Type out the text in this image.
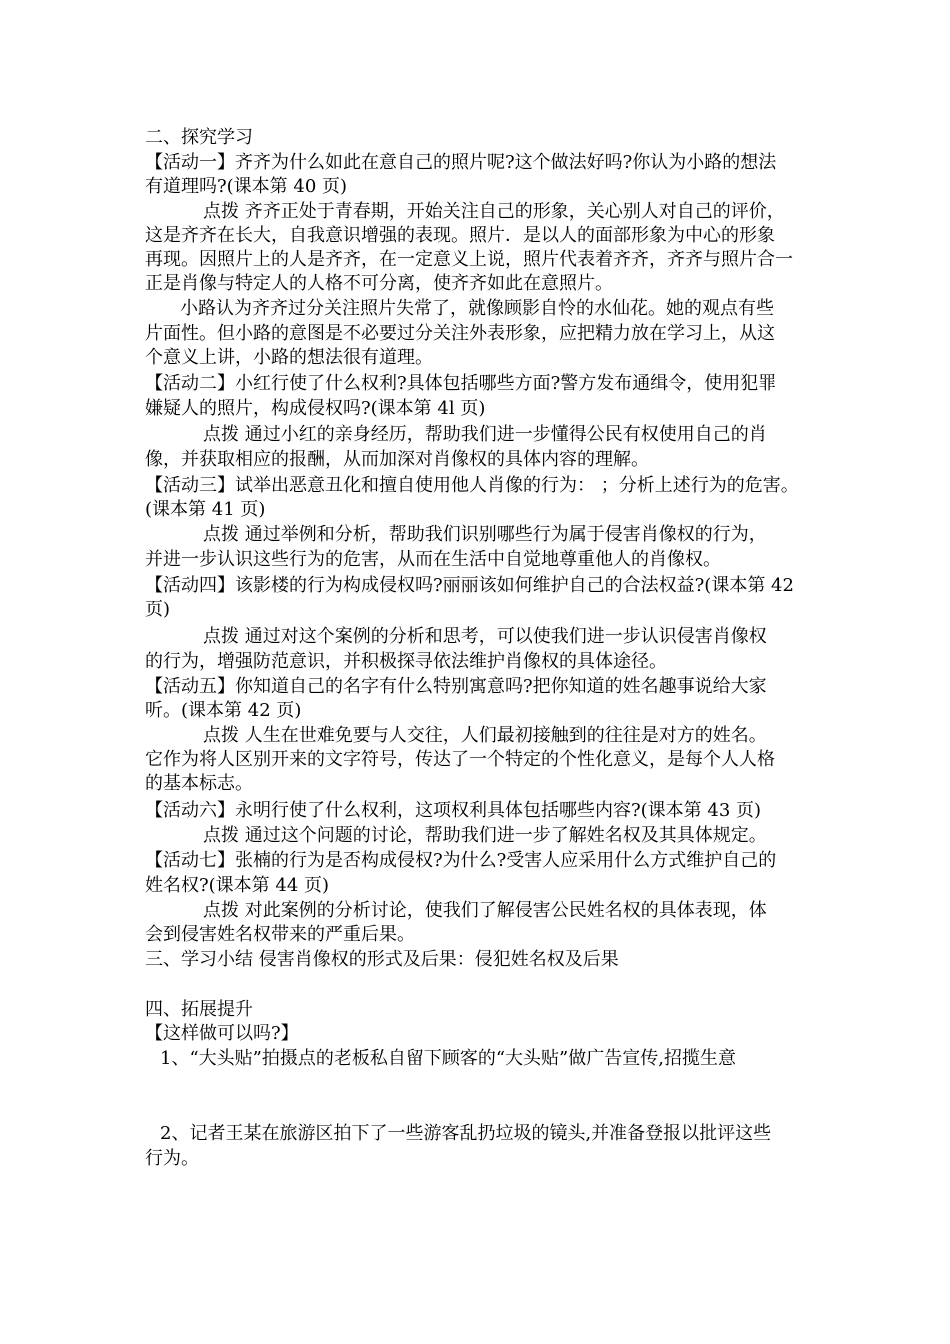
二、探究学习
【活动一】齐齐为什么如此在意自己的照片呢?这个做法好吗?你认为小路的想法
有道理吗?(课本第 40 页)
点拨 齐齐正处于青春期，开始关注自己的形象，关心别人对自己的评价，
这是齐齐在长大，自我意识增强的表现。照片．是以人的面部形象为中心的形象
再现。因照片上的人是齐齐，在一定意义上说，照片代表着齐齐，齐齐与照片合一
正是肖像与特定人的人格不可分离，使齐齐如此在意照片。
小路认为齐齐过分关注照片失常了，就像顾影自怜的水仙花。她的观点有些
片面性。但小路的意图是不必要过分关注外表形象，应把精力放在学习上，从这
个意义上讲，小路的想法很有道理。
【活动二】小红行使了什么权利?具体包括哪些方面?警方发布通缉令，使用犯罪
嫌疑人的照片，构成侵权吗?(课本第 4l 页)
点拨 通过小红的亲身经历，帮助我们进一步懂得公民有权使用自己的肖
像，并获取相应的报酬，从而加深对肖像权的具体内容的理解。
【活动三】试举出恶意丑化和擅自使用他人肖像的行为： ；分析上述行为的危害。
(课本第 41 页)
点拨 通过举例和分析，帮助我们识别哪些行为属于侵害肖像权的行为，
并进一步认识这些行为的危害，从而在生活中自觉地尊重他人的肖像权。
【活动四】该影楼的行为构成侵权吗?丽丽该如何维护自己的合法权益?(课本第 42
页)
点拨 通过对这个案例的分析和思考，可以使我们进一步认识侵害肖像权
的行为，增强防范意识，并积极探寻依法维护肖像权的具体途径。
【活动五】你知道自己的名字有什么特别寓意吗?把你知道的姓名趣事说给大家
听。(课本第 42 页)
点拨 人生在世难免要与人交往，人们最初接触到的往往是对方的姓名。
它作为将人区别开来的文字符号，传达了一个特定的个性化意义，是每个人人格
的基本标志。
【活动六】永明行使了什么权利，这项权利具体包括哪些内容?(课本第 43 页)
点拨 通过这个问题的讨论，帮助我们进一步了解姓名权及其具体规定。
【活动七】张楠的行为是否构成侵权?为什么?受害人应采用什么方式维护自己的
姓名权?(课本第 44 页)
点拨 对此案例的分析讨论，使我们了解侵害公民姓名权的具体表现，体
会到侵害姓名权带来的严重后果。
三、学习小结 侵害肖像权的形式及后果：侵犯姓名权及后果
四、拓展提升
【这样做可以吗?】
1、“大头贴”拍摄点的老板私自留下顾客的“大头贴”做广告宣传,招揽生意
2、记者王某在旅游区拍下了一些游客乱扔垃圾的镜头,并准备登报以批评这些
行为。
